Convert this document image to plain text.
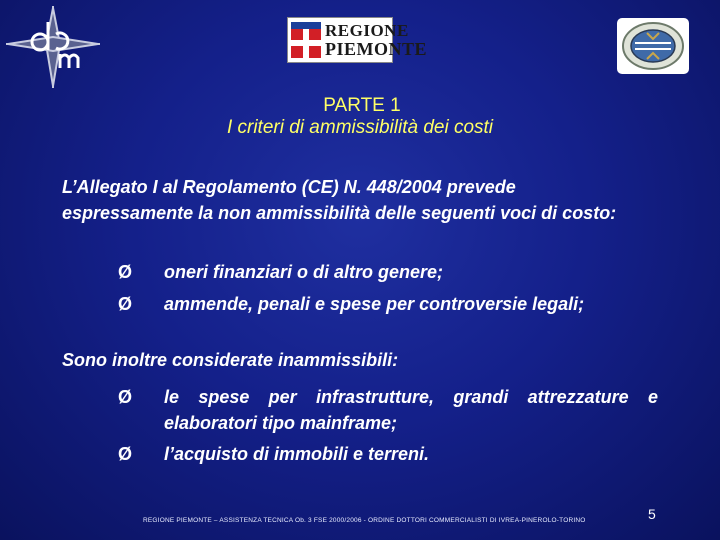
REGIONE
PIEMONTE
PARTE 1
I criteri di ammissibilità dei costi
L’Allegato I al Regolamento (CE) N. 448/2004 prevede espressamente la non ammissibilità delle seguenti voci di costo:
Ø	oneri finanziari o di altro genere;
Ø	ammende, penali e spese per controversie legali;
Sono inoltre considerate inammissibili:
Ø	le spese per infrastrutture, grandi attrezzature e elaboratori tipo mainframe;
Ø	l’acquisto di immobili e terreni.
REGIONE PIEMONTE – ASSISTENZA TECNICA Ob. 3 FSE 2000/2006 - ORDINE DOTTORI COMMERCIALISTI DI IVREA-PINEROLO-TORINO	5
